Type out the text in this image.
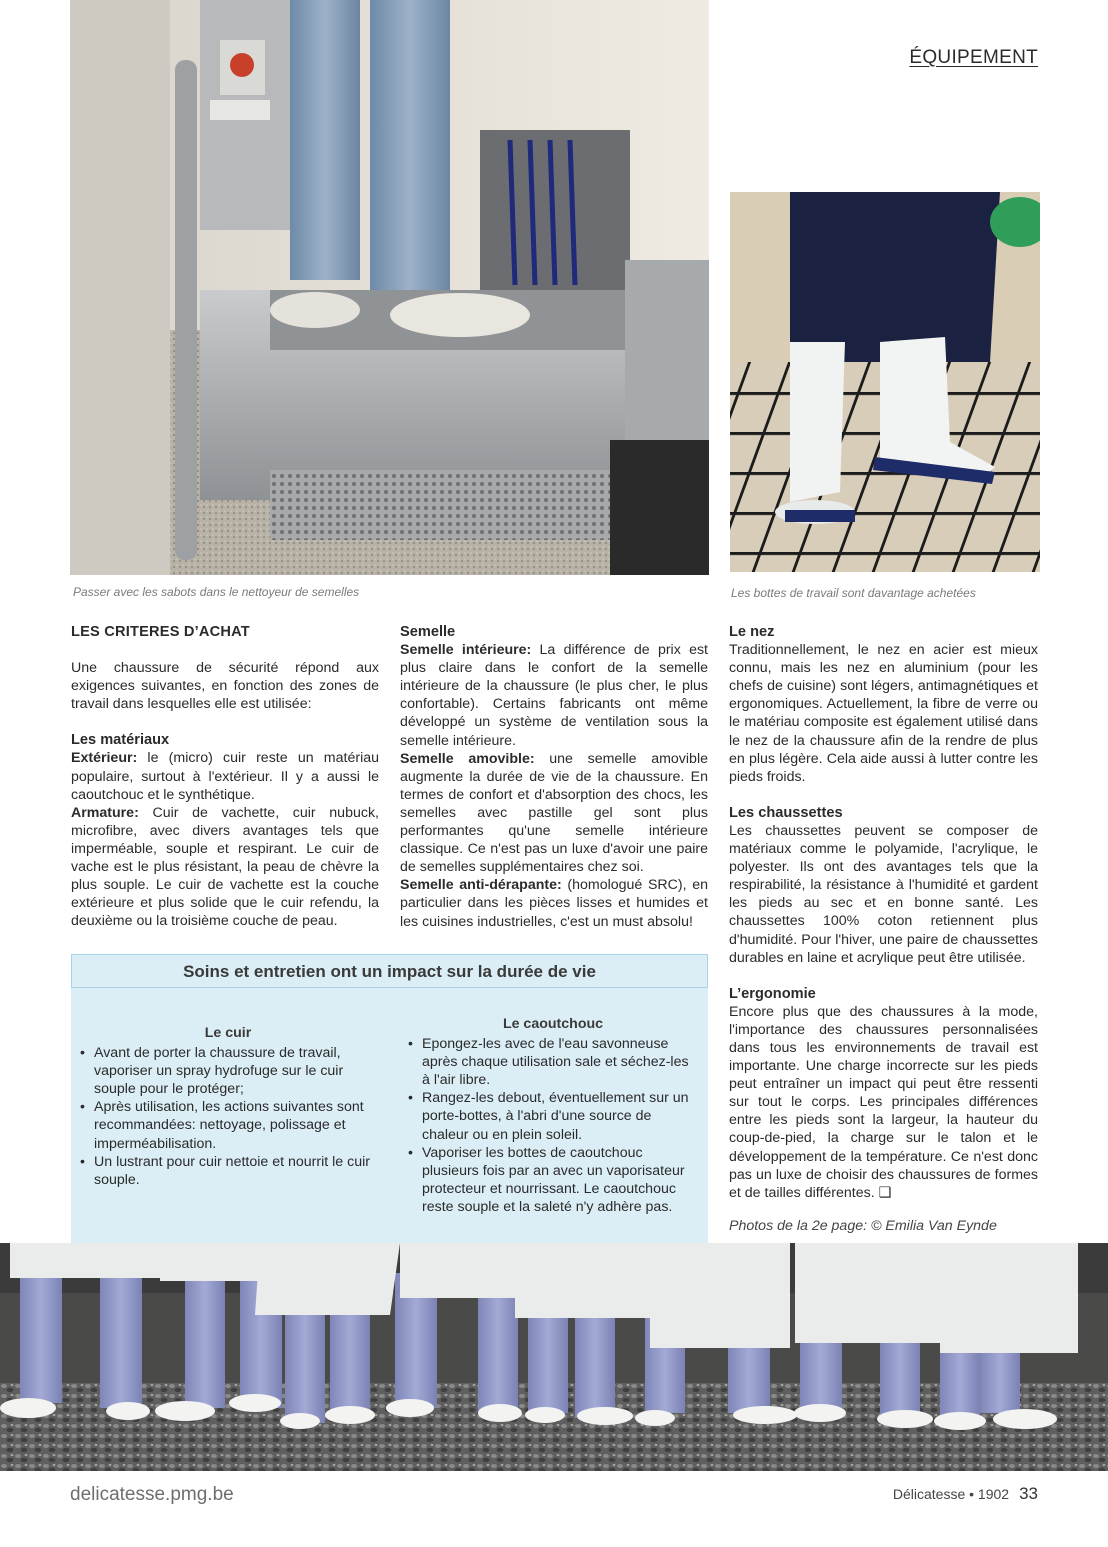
ÉQUIPEMENT
Passer avec les sabots dans le nettoyeur de semelles	Les bottes de travail sont davantage achetées
LES CRITERES D’ACHAT

Une chaussure de sécurité répond aux exigences suivantes, en fonction des zones de travail dans lesquelles elle est utilisée:

Les matériaux

Extérieur: le (micro) cuir reste un matériau populaire, surtout à l'extérieur. Il y a aussi le caoutchouc et le synthétique.

Armature: Cuir de vachette, cuir nubuck, microfibre, avec divers avantages tels que imperméable, souple et respirant. Le cuir de vache est le plus résistant, la peau de chèvre la plus souple. Le cuir de vachette est la couche extérieure et plus solide que le cuir refendu, la deuxième ou la troisième couche de peau.

Semelle

Semelle intérieure: La différence de prix est plus claire dans le confort de la semelle intérieure de la chaussure (le plus cher, le plus confortable). Certains fabricants ont même développé un système de ventilation sous la semelle intérieure.

Semelle amovible: une semelle amovible augmente la durée de vie de la chaussure. En termes de confort et d'absorption des chocs, les semelles avec pastille gel sont plus performantes qu'une semelle intérieure classique. Ce n'est pas un luxe d'avoir une paire de semelles supplémentaires chez soi.

Semelle anti-dérapante: (homologué SRC), en particulier dans les pièces lisses et humides et les cuisines industrielles, c'est un must absolu!

Le nez

Traditionnellement, le nez en acier est mieux connu, mais les nez en aluminium (pour les chefs de cuisine) sont légers, antimagnétiques et ergonomiques. Actuellement, la fibre de verre ou le matériau composite est également utilisé dans le nez de la chaussure afin de la rendre de plus en plus légère. Cela aide aussi à lutter contre les pieds froids.

Les chaussettes

Les chaussettes peuvent se composer de matériaux comme le polyamide, l'acrylique, le polyester. Ils ont des avantages tels que la respirabilité, la résistance à l'humidité et gardent les pieds au sec et en bonne santé. Les chaussettes 100% coton retiennent plus d'humidité. Pour l'hiver, une paire de chaussettes durables en laine et acrylique peut être utilisée.

L’ergonomie

Encore plus que des chaussures à la mode, l'importance des chaussures personnalisées dans tous les environnements de travail est importante. Une charge incorrecte sur les pieds peut entraîner un impact qui peut être ressenti sur tout le corps. Les principales différences entre les pieds sont la largeur, la hauteur du coup-de-pied, la charge sur le talon et le développement de la température. Ce n'est donc pas un luxe de choisir des chaussures de formes et de tailles différentes. ❑

Photos de la 2e page: © Emilia Van Eynde
Soins et entretien ont un impact sur la durée de vie
Le cuir
• Avant de porter la chaussure de travail, vaporiser un spray hydrofuge sur le cuir souple pour le protéger;
• Après utilisation, les actions suivantes sont recommandées: nettoyage, polissage et imperméabilisation.
• Un lustrant pour cuir nettoie et nourrit le cuir souple.
Le caoutchouc
• Epongez-les avec de l'eau savonneuse après chaque utilisation sale et séchez-les à l'air libre.
• Rangez-les debout, éventuellement sur un porte-bottes, à l'abri d'une source de chaleur ou en plein soleil.
• Vaporiser les bottes de caoutchouc plusieurs fois par an avec un vaporisateur protecteur et nourrissant. Le caoutchouc reste souple et la saleté n'y adhère pas.
delicatesse.pmg.be	Délicatesse • 1902 33
